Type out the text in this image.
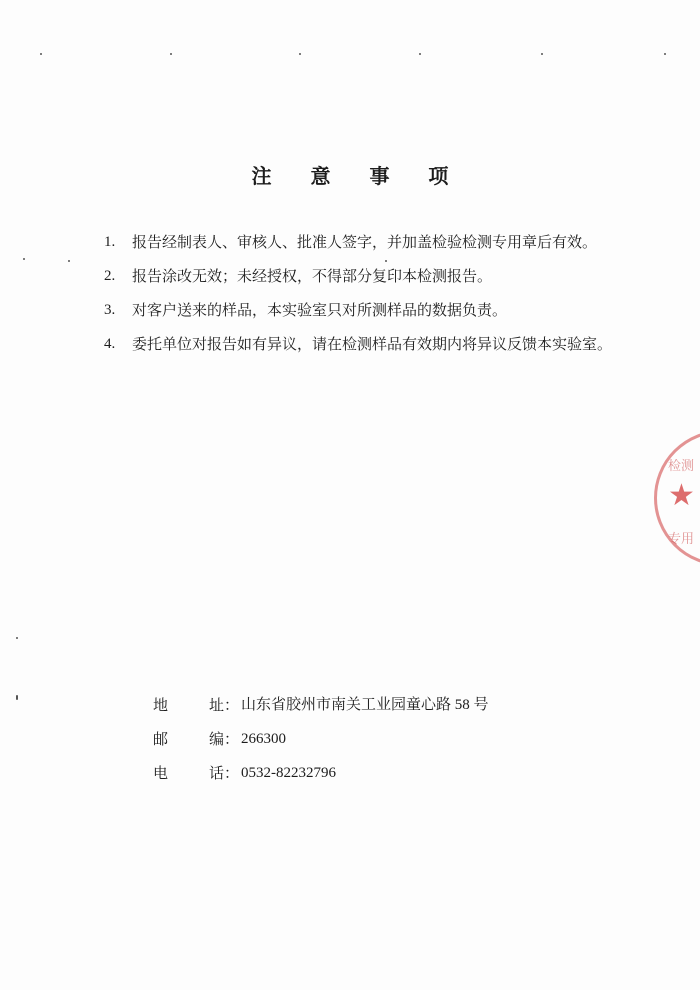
注 意 事 项
1.	报告经制表人、审核人、批准人签字，并加盖检验检测专用章后有效。
2.	报告涂改无效；未经授权，不得部分复印本检测报告。
3.	对客户送来的样品，本实验室只对所测样品的数据负责。
4.	委托单位对报告如有异议，请在检测样品有效期内将异议反馈本实验室。
地	址： 山东省胶州市南关工业园童心路 58 号
邮	编： 266300
电	话： 0532-82232796
★
检测
专用
